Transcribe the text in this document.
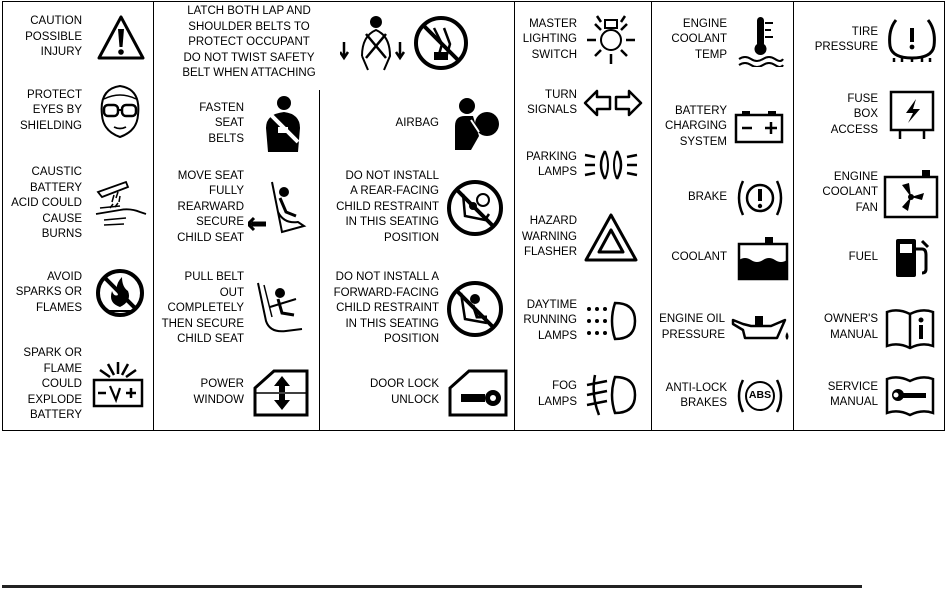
CAUTION
POSSIBLE
INJURY
PROTECT
EYES BY
SHIELDING
CAUSTIC
BATTERY
ACID COULD
CAUSE
BURNS
AVOID
SPARKS OR
FLAMES
SPARK OR
FLAME
COULD
EXPLODE
BATTERY
LATCH BOTH LAP AND
SHOULDER BELTS TO
PROTECT OCCUPANT
DO NOT TWIST SAFETY
BELT WHEN ATTACHING
FASTEN
SEAT
BELTS
AIRBAG
MOVE SEAT
FULLY
REARWARD
SECURE
CHILD SEAT
DO NOT INSTALL
A REAR-FACING
CHILD RESTRAINT
IN THIS SEATING
POSITION
PULL BELT
OUT
COMPLETELY
THEN SECURE
CHILD SEAT
DO NOT INSTALL A
FORWARD-FACING
CHILD RESTRAINT
IN THIS SEATING
POSITION
POWER
WINDOW
DOOR LOCK
UNLOCK
MASTER
LIGHTING
SWITCH
TURN
SIGNALS
PARKING
LAMPS
HAZARD
WARNING
FLASHER
DAYTIME
RUNNING
LAMPS
FOG
LAMPS
ENGINE
COOLANT
TEMP
BATTERY
CHARGING
SYSTEM
BRAKE
COOLANT
ENGINE OIL
PRESSURE
ANTI-LOCK
BRAKES
ABS
TIRE
PRESSURE
FUSE
BOX
ACCESS
ENGINE
COOLANT
FAN
FUEL
OWNER'S
MANUAL
SERVICE
MANUAL
